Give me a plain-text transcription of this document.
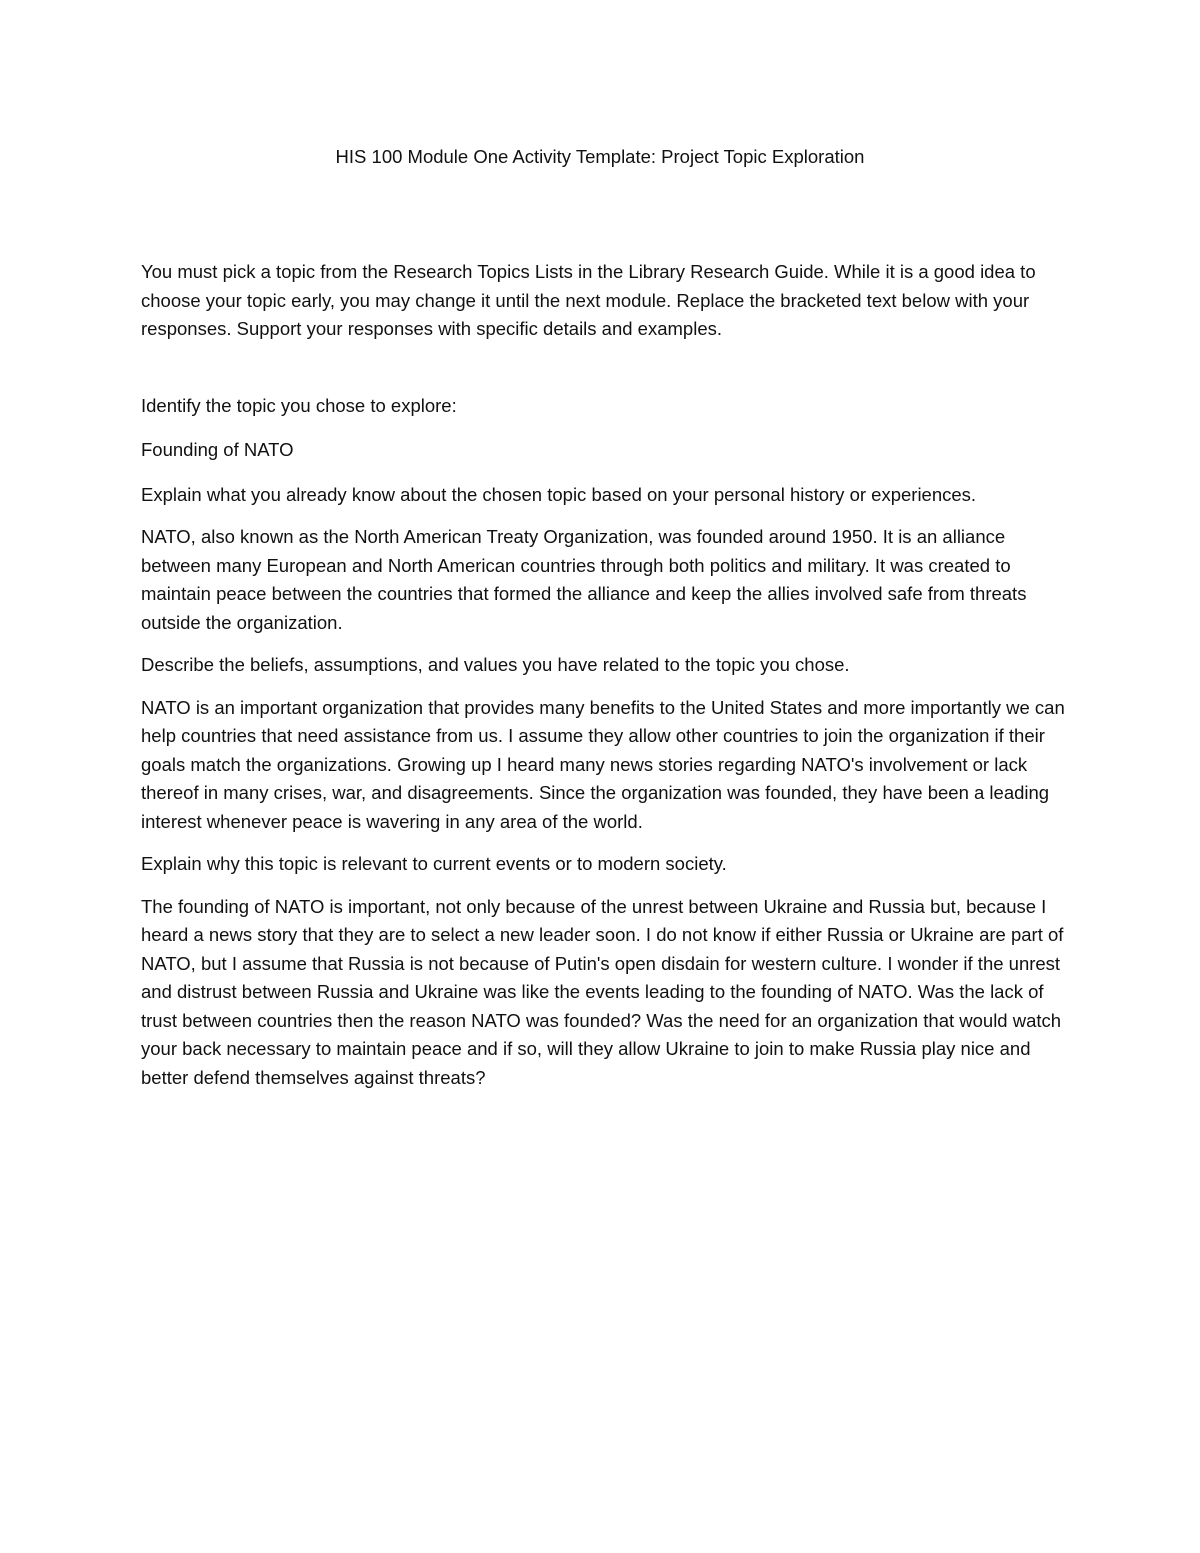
HIS 100 Module One Activity Template: Project Topic Exploration

You must pick a topic from the Research Topics Lists in the Library Research Guide. While it is a good idea to choose your topic early, you may change it until the next module. Replace the bracketed text below with your responses. Support your responses with specific details and examples.

Identify the topic you chose to explore:

Founding of NATO

Explain what you already know about the chosen topic based on your personal history or experiences.

NATO, also known as the North American Treaty Organization, was founded around 1950. It is an alliance between many European and North American countries through both politics and military. It was created to maintain peace between the countries that formed the alliance and keep the allies involved safe from threats outside the organization.

Describe the beliefs, assumptions, and values you have related to the topic you chose.

NATO is an important organization that provides many benefits to the United States and more importantly we can help countries that need assistance from us. I assume they allow other countries to join the organization if their goals match the organizations. Growing up I heard many news stories regarding NATO's involvement or lack thereof in many crises, war, and disagreements. Since the organization was founded, they have been a leading interest whenever peace is wavering in any area of the world.

Explain why this topic is relevant to current events or to modern society.

The founding of NATO is important, not only because of the unrest between Ukraine and Russia but, because I heard a news story that they are to select a new leader soon. I do not know if either Russia or Ukraine are part of NATO, but I assume that Russia is not because of Putin's open disdain for western culture. I wonder if the unrest and distrust between Russia and Ukraine was like the events leading to the founding of NATO. Was the lack of trust between countries then the reason NATO was founded? Was the need for an organization that would watch your back necessary to maintain peace and if so, will they allow Ukraine to join to make Russia play nice and better defend themselves against threats?
